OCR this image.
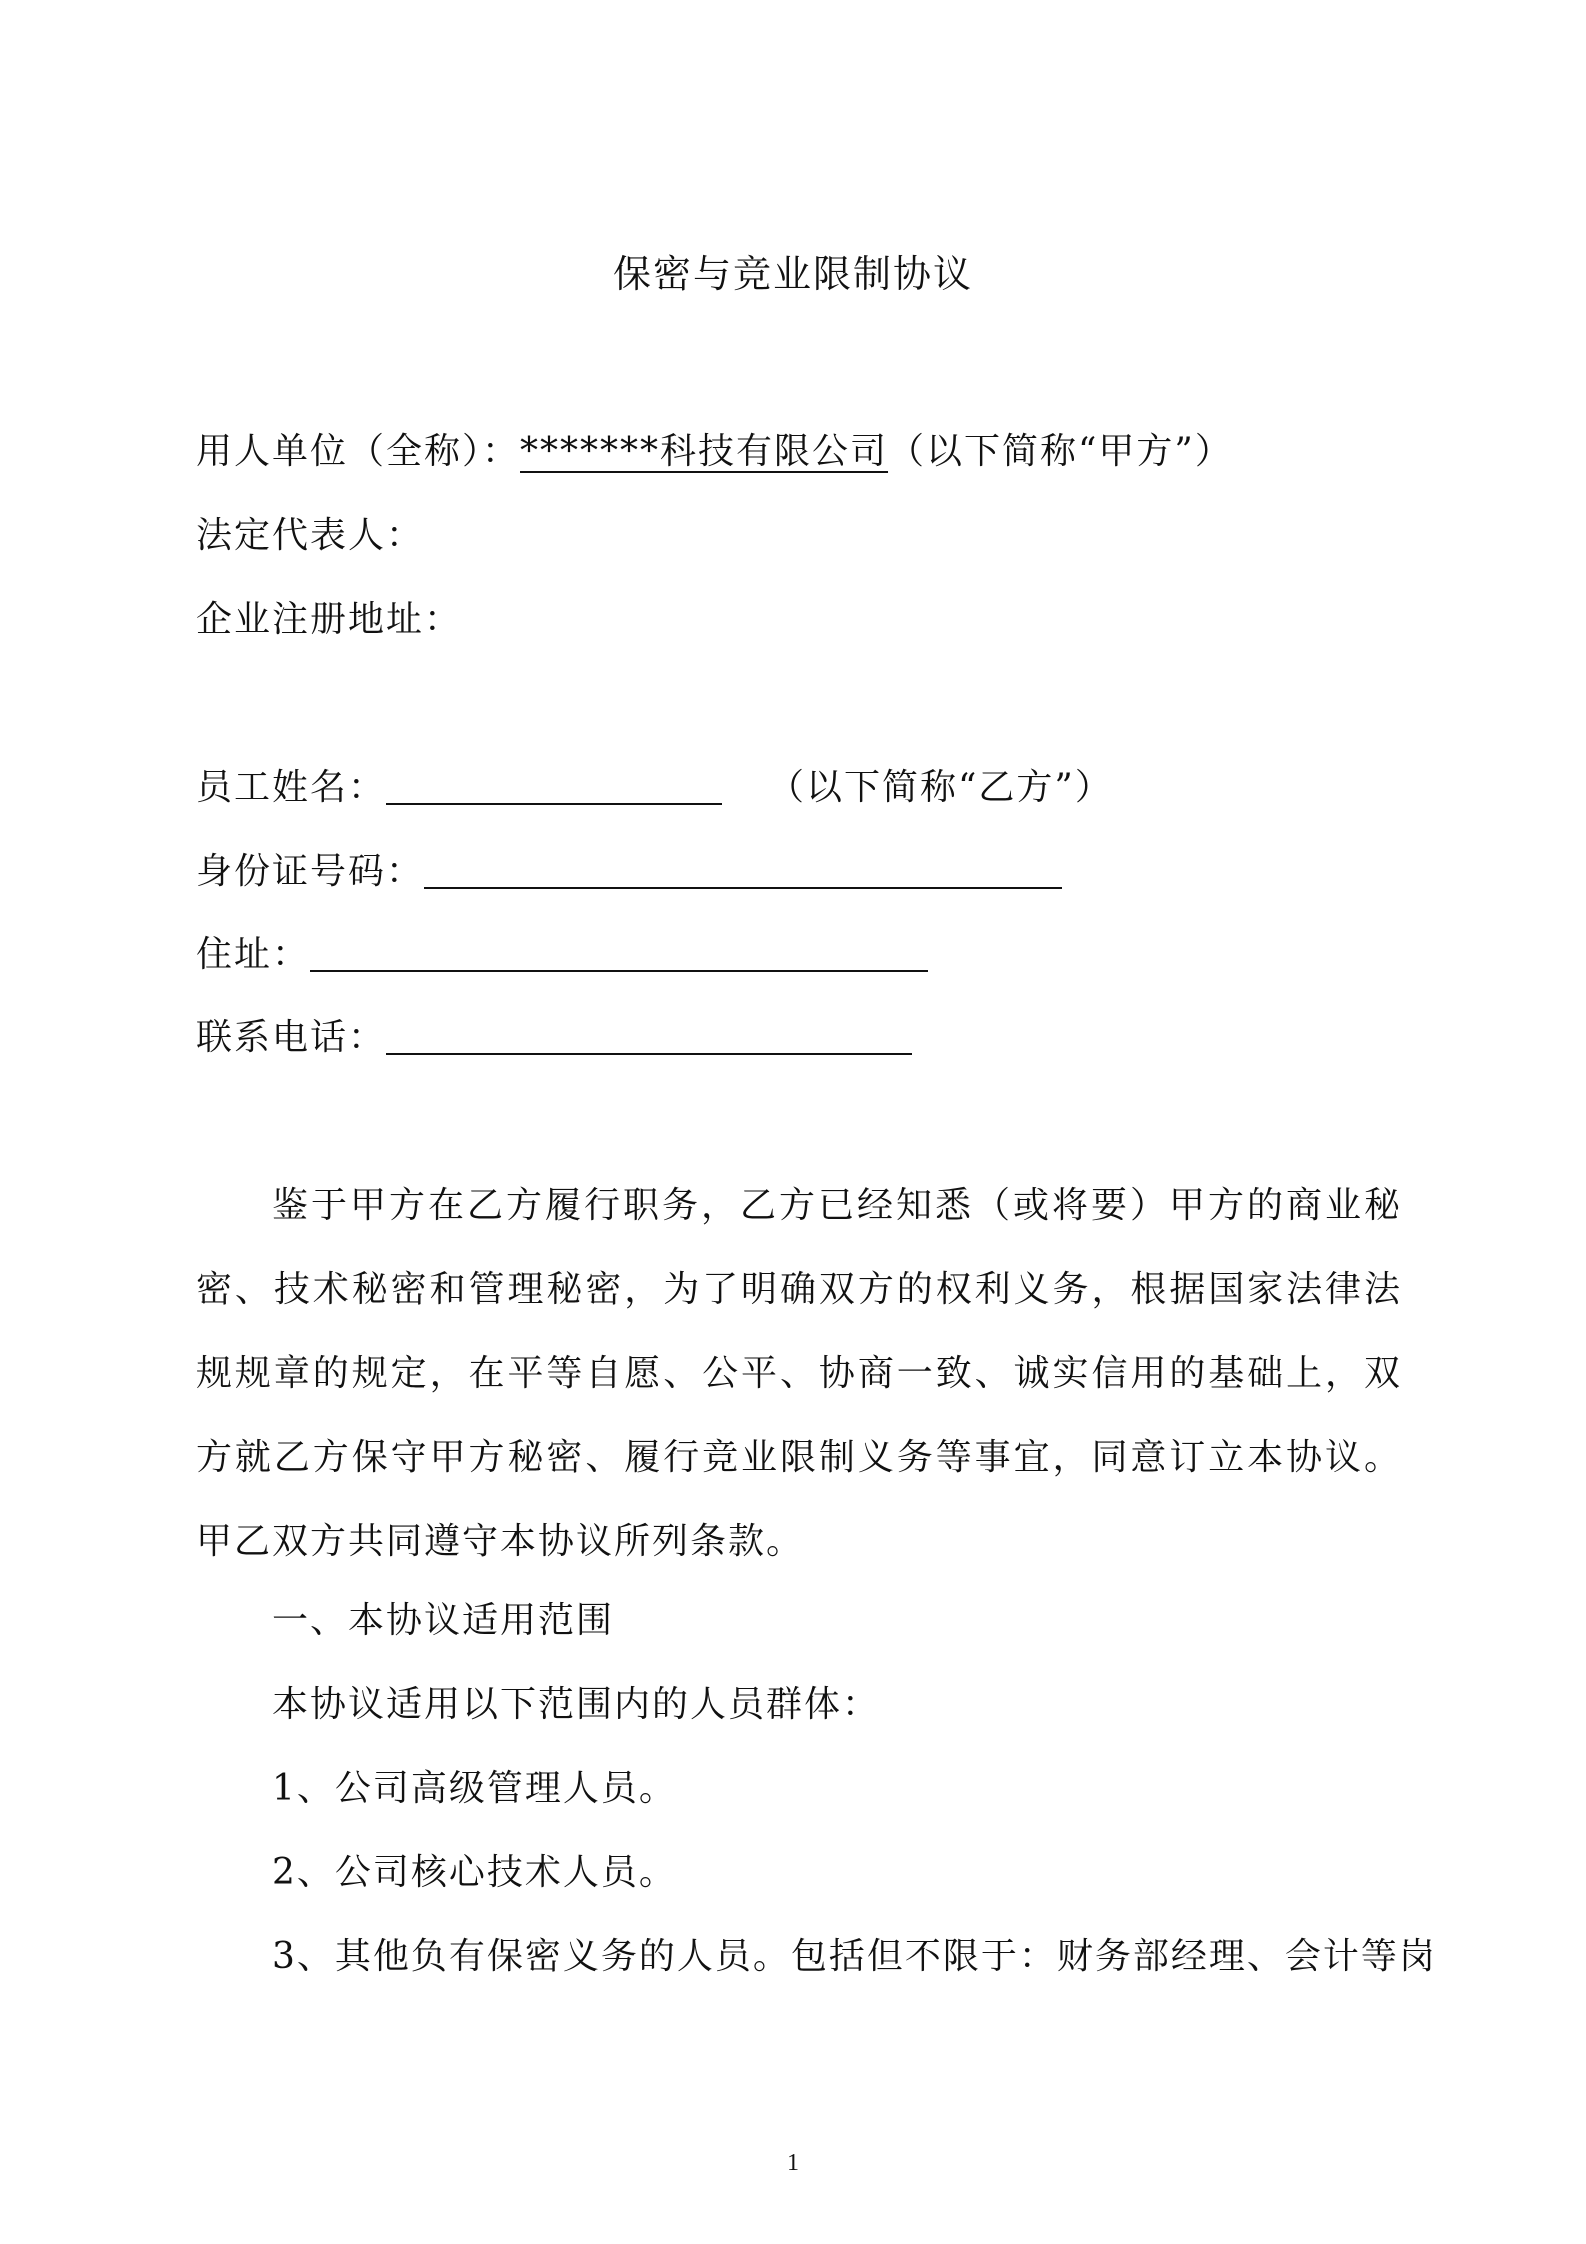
保密与竞业限制协议
用人单位（全称）：*******科技有限公司（以下简称“甲方”）
法定代表人：
企业注册地址：
员工姓名：	（以下简称“乙方”）
身份证号码：
住址：
联系电话：

鉴于甲方在乙方履行职务，乙方已经知悉（或将要）甲方的商业秘密、技术秘密和管理秘密，为了明确双方的权利义务，根据国家法律法规规章的规定，在平等自愿、公平、协商一致、诚实信用的基础上，双方就乙方保守甲方秘密、履行竞业限制义务等事宜，同意订立本协议。甲乙双方共同遵守本协议所列条款。

一、本协议适用范围
本协议适用以下范围内的人员群体：
1、公司高级管理人员。
2、公司核心技术人员。
3、其他负有保密义务的人员。包括但不限于：财务部经理、会计等岗
1
